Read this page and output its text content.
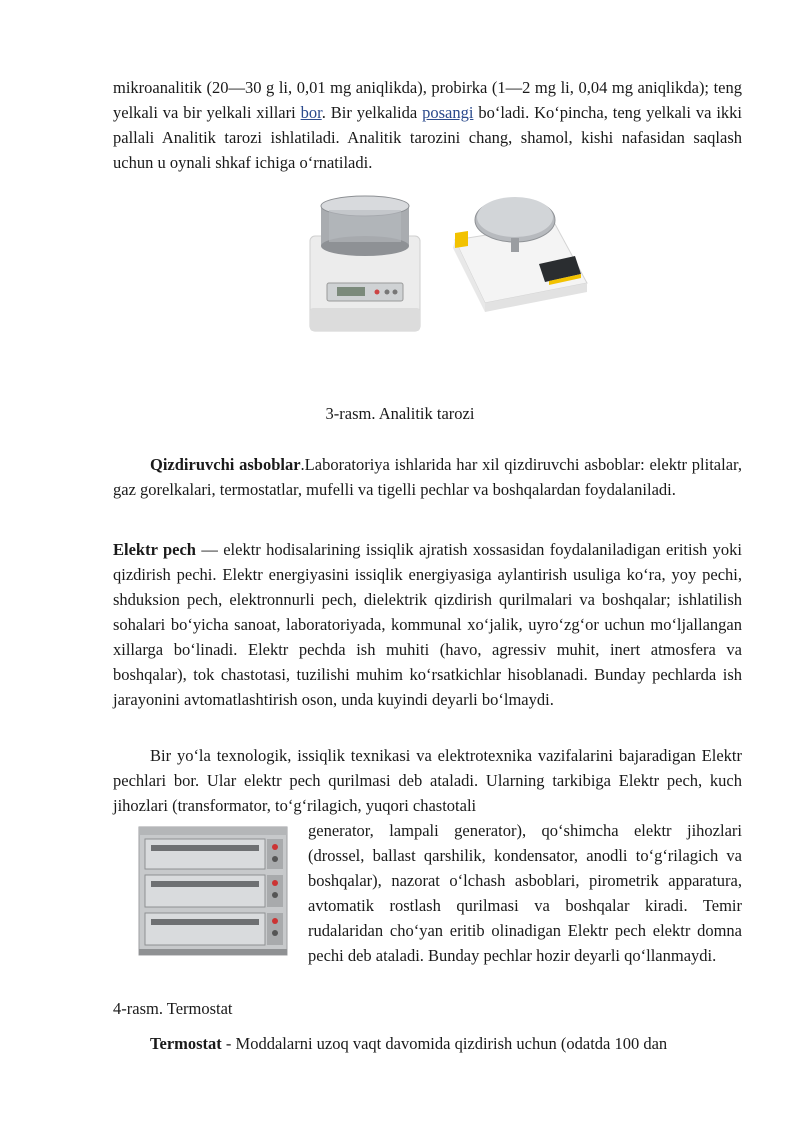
mikroanalitik (20—30 g li, 0,01 mg aniqlikda), probirka (1—2 mg li, 0,04 mg aniqlikda); teng yelkali va bir yelkali xillari bor. Bir yelkalida posangi bo‘ladi. Ko‘pincha, teng yelkali va ikki pallali Analitik tarozi ishlatiladi. Analitik tarozini chang, shamol, kishi nafasidan saqlash uchun u oynali shkaf ichiga o‘rnatiladi.

3-rasm. Analitik tarozi

Qizdiruvchi asboblar.Laboratoriya ishlarida har xil qizdiruvchi asboblar: elektr plitalar, gaz gorelkalari, termostatlar, mufelli va tigelli pechlar va boshqalardan foydalaniladi.

Elektr pech — elektr hodisalarining issiqlik ajratish xossasidan foydalaniladigan eritish yoki qizdirish pechi. Elektr energiyasini issiqlik energiyasiga aylantirish usuliga ko‘ra, yoy pechi, shduksion pech, elektronnurli pech, dielektrik qizdirish qurilmalari va boshqalar; ishlatilish sohalari bo‘yicha sanoat, laboratoriyada, kommunal xo‘jalik, uyro‘zg‘or uchun mo‘ljallangan xillarga bo‘linadi. Elektr pechda ish muhiti (havo, agressiv muhit, inert atmosfera va boshqalar), tok chastotasi, tuzilishi muhim ko‘rsatkichlar hisoblanadi. Bunday pechlarda ish jarayonini avtomatlashtirish oson, unda kuyindi deyarli bo‘lmaydi.

Bir yo‘la texnologik, issiqlik texnikasi va elektrotexnika vazifalarini bajaradigan Elektr pechlari bor. Ular elektr pech qurilmasi deb ataladi. Ularning tarkibiga Elektr pech, kuch jihozlari (transformator, to‘g‘rilagich, yuqori chastotali

generator, lampali generator), qo‘shimcha elektr jihozlari (drossel, ballast qarshilik, kondensator, anodli to‘g‘rilagich va boshqalar), nazorat o‘lchash asboblari, pirometrik apparatura, avtomatik rostlash qurilmasi va boshqalar kiradi. Temir rudalaridan cho‘yan eritib olinadigan Elektr pech elektr domna pechi deb ataladi. Bunday pechlar hozir deyarli qo‘llanmaydi.

4-rasm. Termostat

Termostat - Moddalarni uzoq vaqt davomida qizdirish uchun (odatda 100 dan
